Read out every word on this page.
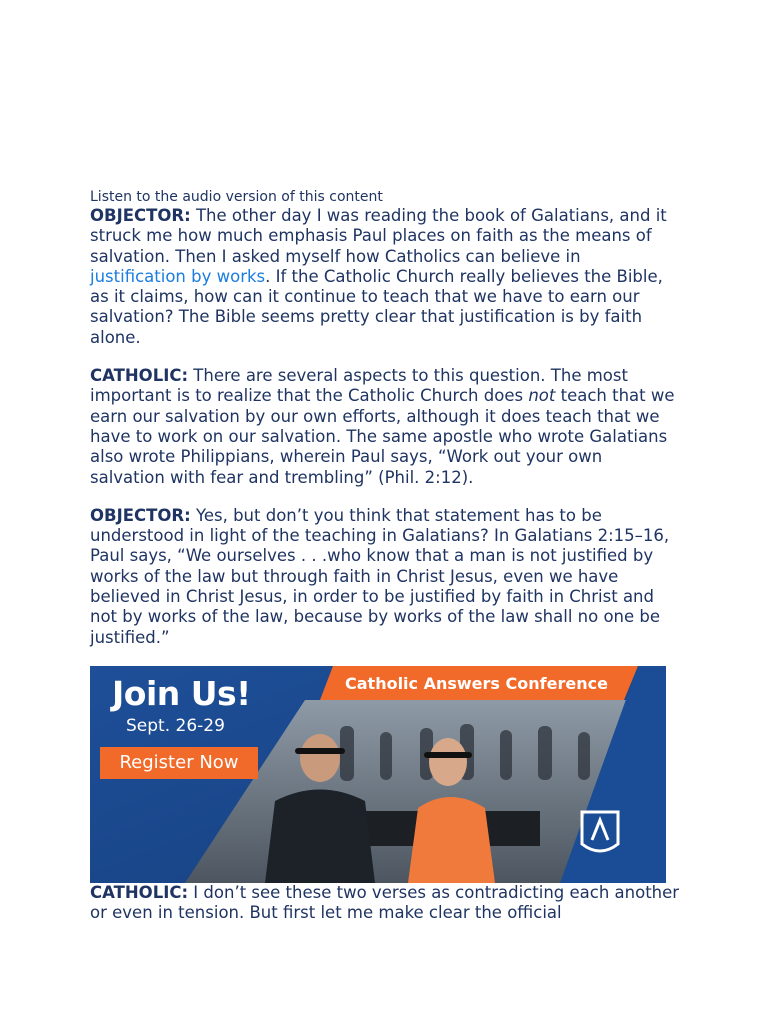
Listen to the audio version of this content

OBJECTOR: The other day I was reading the book of Galatians, and it struck me how much emphasis Paul places on faith as the means of salvation. Then I asked myself how Catholics can believe in justification by works. If the Catholic Church really believes the Bible, as it claims, how can it continue to teach that we have to earn our salvation? The Bible seems pretty clear that justification is by faith alone.

CATHOLIC: There are several aspects to this question. The most important is to realize that the Catholic Church does not teach that we earn our salvation by our own efforts, although it does teach that we have to work on our salvation. The same apostle who wrote Galatians also wrote Philippians, wherein Paul says, “Work out your own salvation with fear and trembling” (Phil. 2:12).

OBJECTOR: Yes, but don’t you think that statement has to be understood in light of the teaching in Galatians? In Galatians 2:15–16, Paul says, “We ourselves . . .who know that a man is not justified by works of the law but through faith in Christ Jesus, even we have believed in Christ Jesus, in order to be justified by faith in Christ and not by works of the law, because by works of the law shall no one be justified.”

Join Us!
Sept. 26-29
Register Now
Catholic Answers Conference

CATHOLIC: I don’t see these two verses as contradicting each another or even in tension. But first let me make clear the official
